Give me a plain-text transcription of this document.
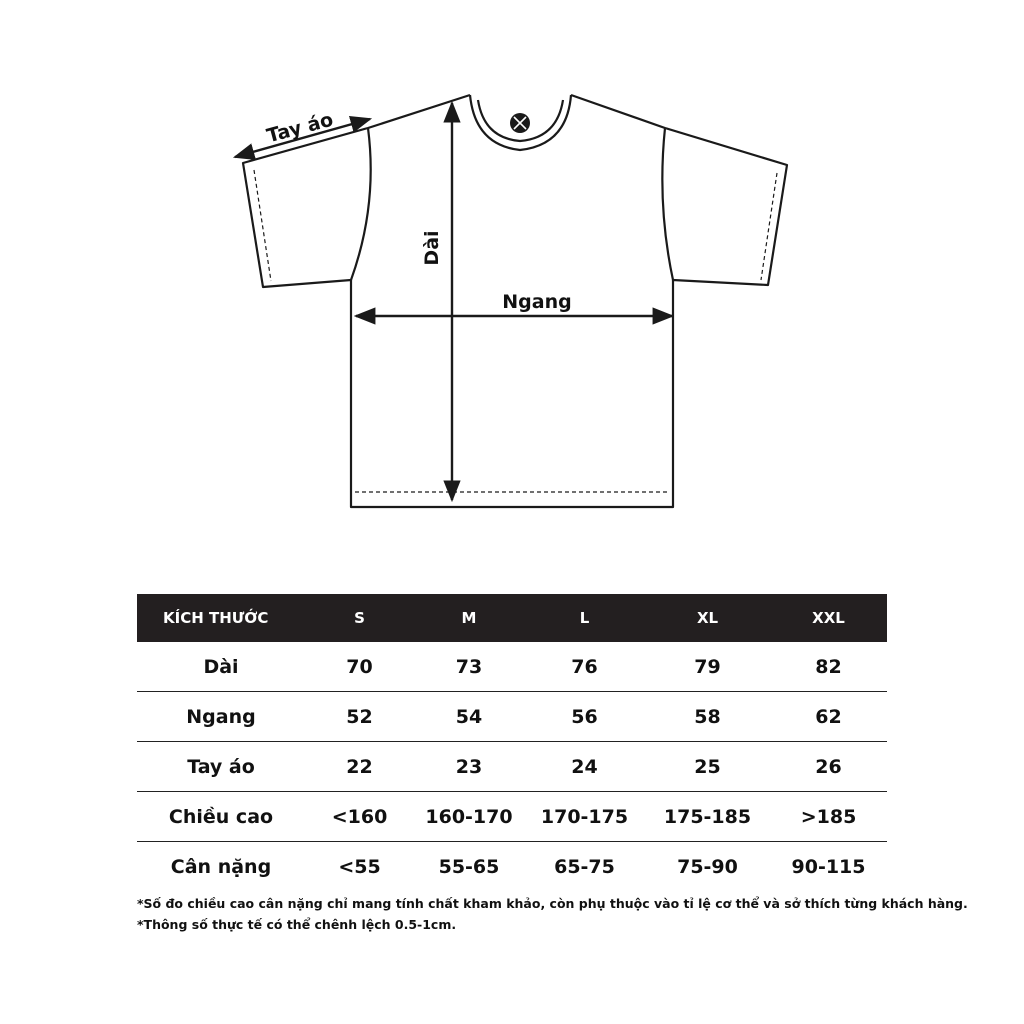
Tay áo
Dài
Ngang
KÍCH THƯỚC	S	M	L	XL	XXL
Dài	70	73	76	79	82
Ngang	52	54	56	58	62
Tay áo	22	23	24	25	26
Chiều cao	<160	160-170	170-175	175-185	>185
Cân nặng	<55	55-65	65-75	75-90	90-115
*Số đo chiều cao cân nặng chỉ mang tính chất kham khảo, còn phụ thuộc vào tỉ lệ cơ thể và sở thích từng khách hàng.
*Thông số thực tế có thể chênh lệch 0.5-1cm.
